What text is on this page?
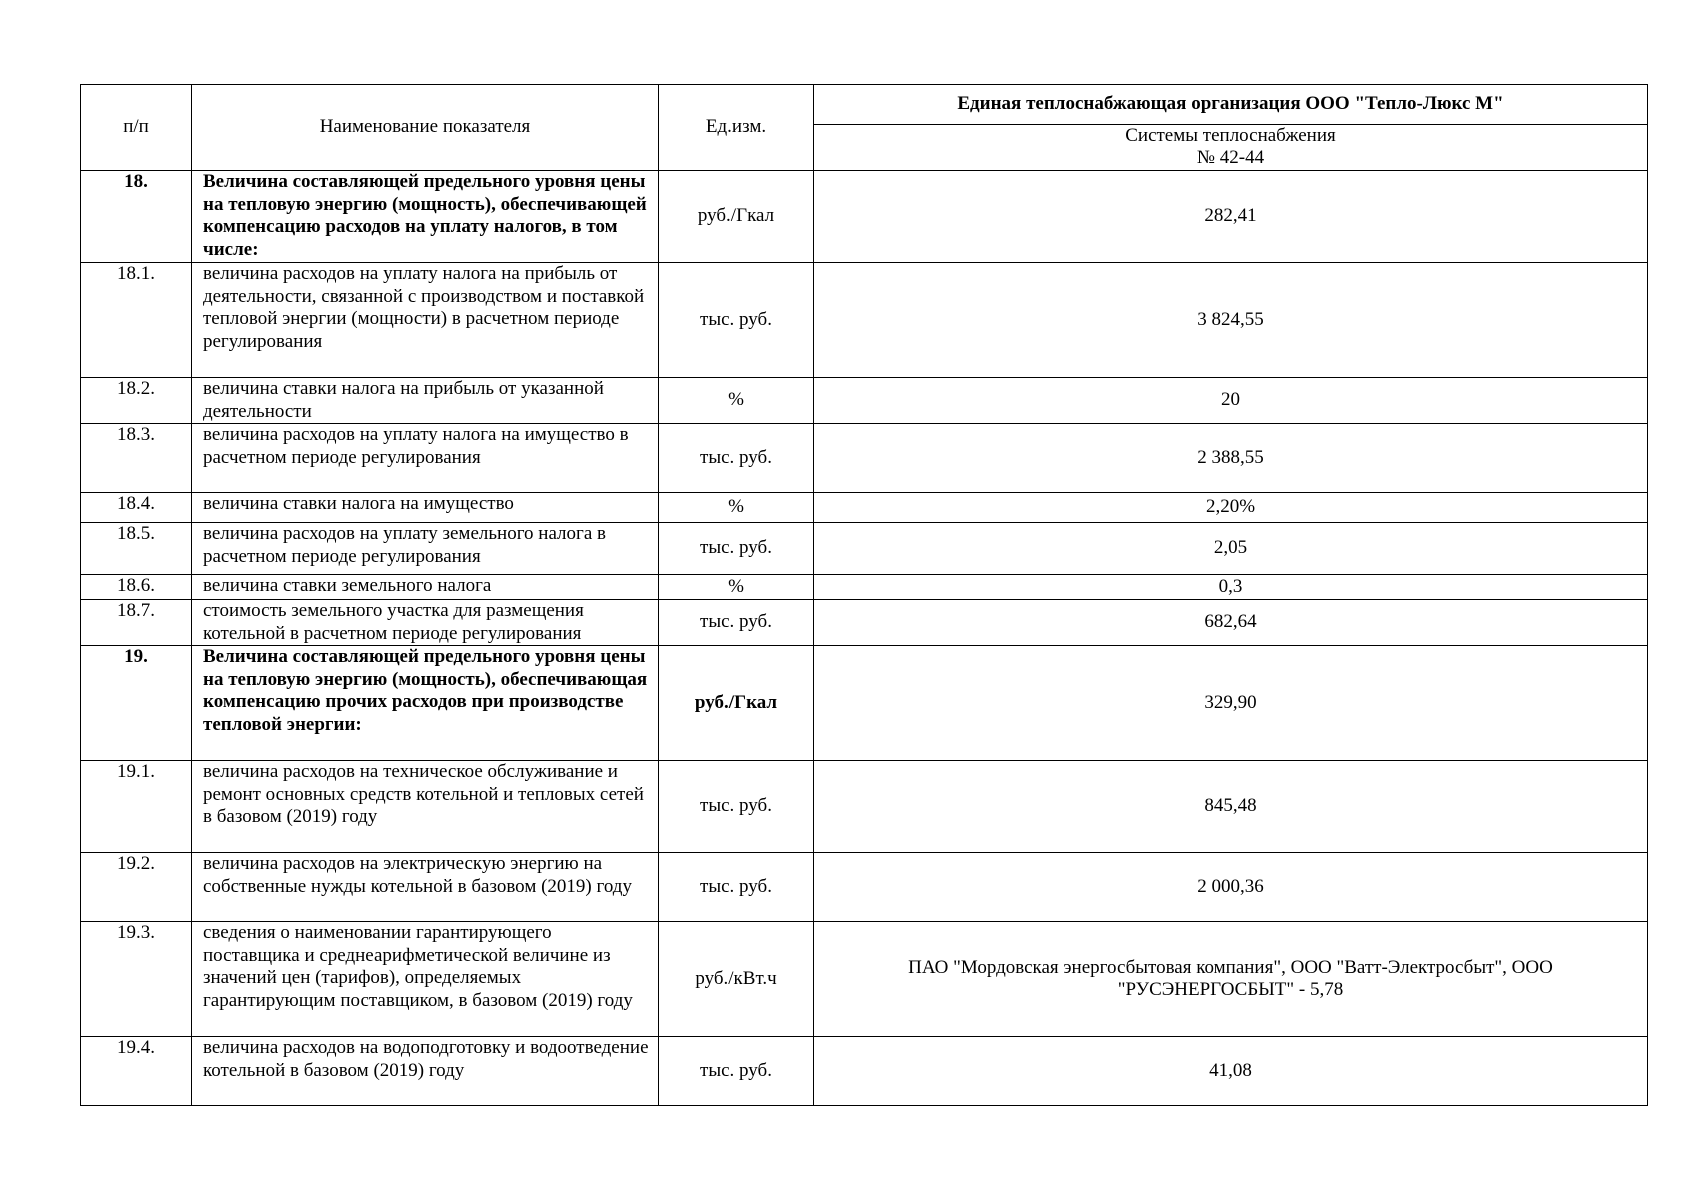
п/п	Наименование показателя	Ед.изм.	Единая теплоснабжающая организация ООО "Тепло-Люкс М"
			Системы теплоснабжения
№ 42-44
18.	Величина составляющей предельного уровня цены на тепловую энергию (мощность), обеспечивающей компенсацию расходов на уплату налогов, в том числе:	руб./Гкал	282,41
18.1.	величина расходов на уплату налога на прибыль от деятельности, связанной с производством и поставкой тепловой энергии (мощности) в расчетном периоде регулирования	тыс. руб.	3 824,55
18.2.	величина ставки налога на прибыль от указанной деятельности	%	20
18.3.	величина расходов на уплату налога на имущество в расчетном периоде регулирования	тыс. руб.	2 388,55
18.4.	величина ставки налога на имущество	%	2,20%
18.5.	величина расходов на уплату земельного налога в расчетном периоде регулирования	тыс. руб.	2,05
18.6.	величина ставки земельного налога	%	0,3
18.7.	стоимость земельного участка для размещения котельной в расчетном периоде регулирования	тыс. руб.	682,64
19.	Величина составляющей предельного уровня цены на тепловую энергию (мощность), обеспечивающая компенсацию прочих расходов при производстве тепловой энергии:	руб./Гкал	329,90
19.1.	величина расходов на техническое обслуживание и ремонт основных средств котельной и тепловых сетей в базовом (2019) году	тыс. руб.	845,48
19.2.	величина расходов на электрическую энергию на собственные нужды котельной в базовом (2019) году	тыс. руб.	2 000,36
19.3.	сведения о наименовании гарантирующего поставщика и среднеарифметической величине из значений цен (тарифов), определяемых гарантирующим поставщиком, в базовом (2019) году	руб./кВт.ч	ПАО "Мордовская энергосбытовая компания", ООО "Ватт-Электросбыт", ООО "РУСЭНЕРГОСБЫТ" - 5,78
19.4.	величина расходов на водоподготовку и водоотведение котельной в базовом (2019) году	тыс. руб.	41,08
